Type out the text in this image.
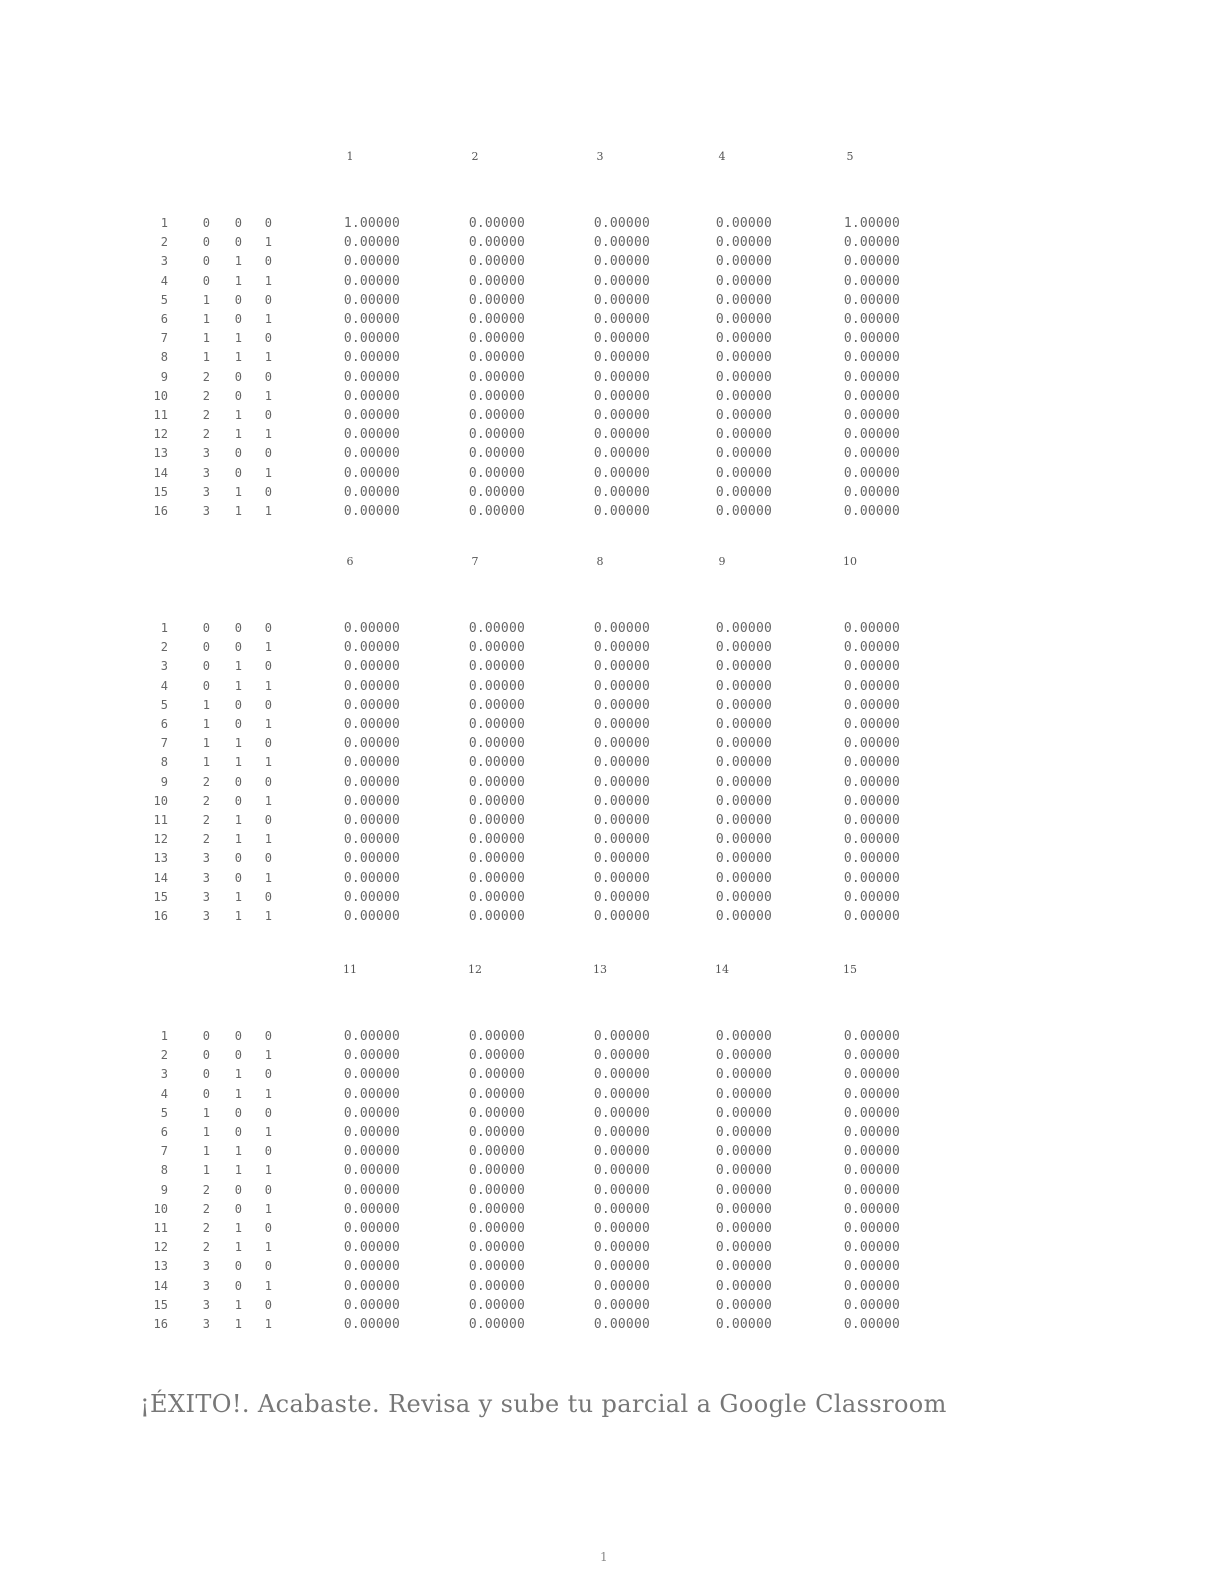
1	2	3	4	5
1	0	0	0	1.00000	0.00000	0.00000	0.00000	1.00000
2	0	0	1	0.00000	0.00000	0.00000	0.00000	0.00000
3	0	1	0	0.00000	0.00000	0.00000	0.00000	0.00000
4	0	1	1	0.00000	0.00000	0.00000	0.00000	0.00000
5	1	0	0	0.00000	0.00000	0.00000	0.00000	0.00000
6	1	0	1	0.00000	0.00000	0.00000	0.00000	0.00000
7	1	1	0	0.00000	0.00000	0.00000	0.00000	0.00000
8	1	1	1	0.00000	0.00000	0.00000	0.00000	0.00000
9	2	0	0	0.00000	0.00000	0.00000	0.00000	0.00000
10	2	0	1	0.00000	0.00000	0.00000	0.00000	0.00000
11	2	1	0	0.00000	0.00000	0.00000	0.00000	0.00000
12	2	1	1	0.00000	0.00000	0.00000	0.00000	0.00000
13	3	0	0	0.00000	0.00000	0.00000	0.00000	0.00000
14	3	0	1	0.00000	0.00000	0.00000	0.00000	0.00000
15	3	1	0	0.00000	0.00000	0.00000	0.00000	0.00000
16	3	1	1	0.00000	0.00000	0.00000	0.00000	0.00000
6	7	8	9	10
1	0	0	0	0.00000	0.00000	0.00000	0.00000	0.00000
2	0	0	1	0.00000	0.00000	0.00000	0.00000	0.00000
3	0	1	0	0.00000	0.00000	0.00000	0.00000	0.00000
4	0	1	1	0.00000	0.00000	0.00000	0.00000	0.00000
5	1	0	0	0.00000	0.00000	0.00000	0.00000	0.00000
6	1	0	1	0.00000	0.00000	0.00000	0.00000	0.00000
7	1	1	0	0.00000	0.00000	0.00000	0.00000	0.00000
8	1	1	1	0.00000	0.00000	0.00000	0.00000	0.00000
9	2	0	0	0.00000	0.00000	0.00000	0.00000	0.00000
10	2	0	1	0.00000	0.00000	0.00000	0.00000	0.00000
11	2	1	0	0.00000	0.00000	0.00000	0.00000	0.00000
12	2	1	1	0.00000	0.00000	0.00000	0.00000	0.00000
13	3	0	0	0.00000	0.00000	0.00000	0.00000	0.00000
14	3	0	1	0.00000	0.00000	0.00000	0.00000	0.00000
15	3	1	0	0.00000	0.00000	0.00000	0.00000	0.00000
16	3	1	1	0.00000	0.00000	0.00000	0.00000	0.00000
11	12	13	14	15
1	0	0	0	0.00000	0.00000	0.00000	0.00000	0.00000
2	0	0	1	0.00000	0.00000	0.00000	0.00000	0.00000
3	0	1	0	0.00000	0.00000	0.00000	0.00000	0.00000
4	0	1	1	0.00000	0.00000	0.00000	0.00000	0.00000
5	1	0	0	0.00000	0.00000	0.00000	0.00000	0.00000
6	1	0	1	0.00000	0.00000	0.00000	0.00000	0.00000
7	1	1	0	0.00000	0.00000	0.00000	0.00000	0.00000
8	1	1	1	0.00000	0.00000	0.00000	0.00000	0.00000
9	2	0	0	0.00000	0.00000	0.00000	0.00000	0.00000
10	2	0	1	0.00000	0.00000	0.00000	0.00000	0.00000
11	2	1	0	0.00000	0.00000	0.00000	0.00000	0.00000
12	2	1	1	0.00000	0.00000	0.00000	0.00000	0.00000
13	3	0	0	0.00000	0.00000	0.00000	0.00000	0.00000
14	3	0	1	0.00000	0.00000	0.00000	0.00000	0.00000
15	3	1	0	0.00000	0.00000	0.00000	0.00000	0.00000
16	3	1	1	0.00000	0.00000	0.00000	0.00000	0.00000
¡ÉXITO!. Acabaste. Revisa y sube tu parcial a Google Classroom
1
